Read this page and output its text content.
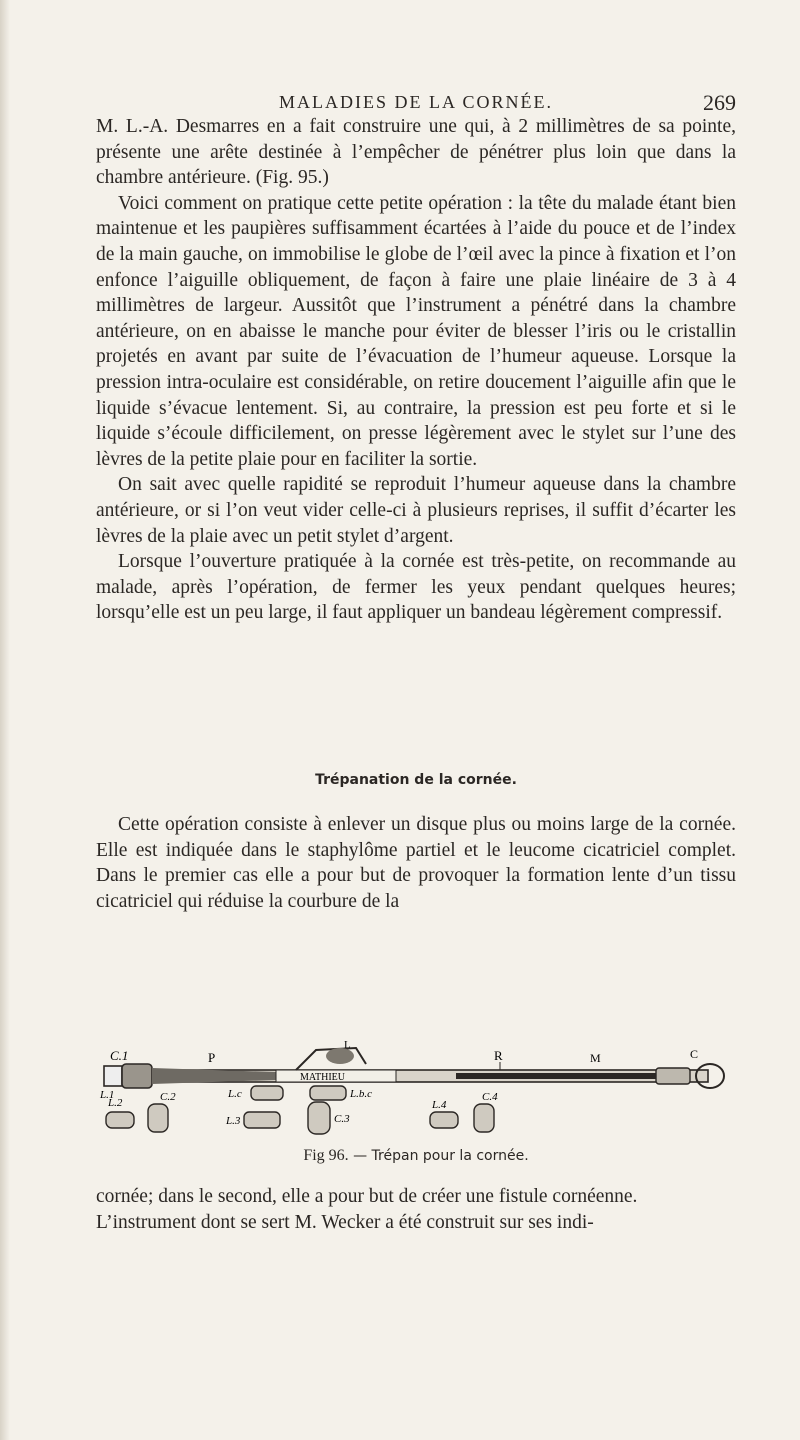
MALADIES DE LA CORNÉE.	269

M. L.-A. Desmarres en a fait construire une qui, à 2 millimètres de sa pointe, présente une arête destinée à l’empêcher de pénétrer plus loin que dans la chambre antérieure. (Fig. 95.)

Voici comment on pratique cette petite opération : la tête du malade étant bien maintenue et les paupières suffisamment écartées à l’aide du pouce et de l’index de la main gauche, on immobilise le globe de l’œil avec la pince à fixation et l’on enfonce l’aiguille obliquement, de façon à faire une plaie linéaire de 3 à 4 millimètres de largeur. Aussitôt que l’instrument a pénétré dans la chambre antérieure, on en abaisse le manche pour éviter de blesser l’iris ou le cristallin projetés en avant par suite de l’évacuation de l’humeur aqueuse. Lorsque la pression intra-oculaire est considérable, on retire doucement l’aiguille afin que le liquide s’évacue lentement. Si, au contraire, la pression est peu forte et si le liquide s’écoule difficilement, on presse légèrement avec le stylet sur l’une des lèvres de la petite plaie pour en faciliter la sortie.

On sait avec quelle rapidité se reproduit l’humeur aqueuse dans la chambre antérieure, or si l’on veut vider celle-ci à plusieurs reprises, il suffit d’écarter les lèvres de la plaie avec un petit stylet d’argent.

Lorsque l’ouverture pratiquée à la cornée est très-petite, on recommande au malade, après l’opération, de fermer les yeux pendant quelques heures; lorsqu’elle est un peu large, il faut appliquer un bandeau légèrement compressif.

Trépanation de la cornée.

Cette opération consiste à enlever un disque plus ou moins large de la cornée. Elle est indiquée dans le staphylôme partiel et le leucome cicatriciel complet. Dans le premier cas elle a pour but de provoquer la formation lente d’un tissu cicatriciel qui réduise la courbure de la

C.1
L.1
P
L
R	M	C
MATHIEU
L.2	C.2	L.c	L.b.c
L.3	C.3
L.4
C.4
Fig 96. — Trépan pour la cornée.

cornée; dans le second, elle a pour but de créer une fistule cornéenne.

L’instrument dont se sert M. Wecker a été construit sur ses indi-
